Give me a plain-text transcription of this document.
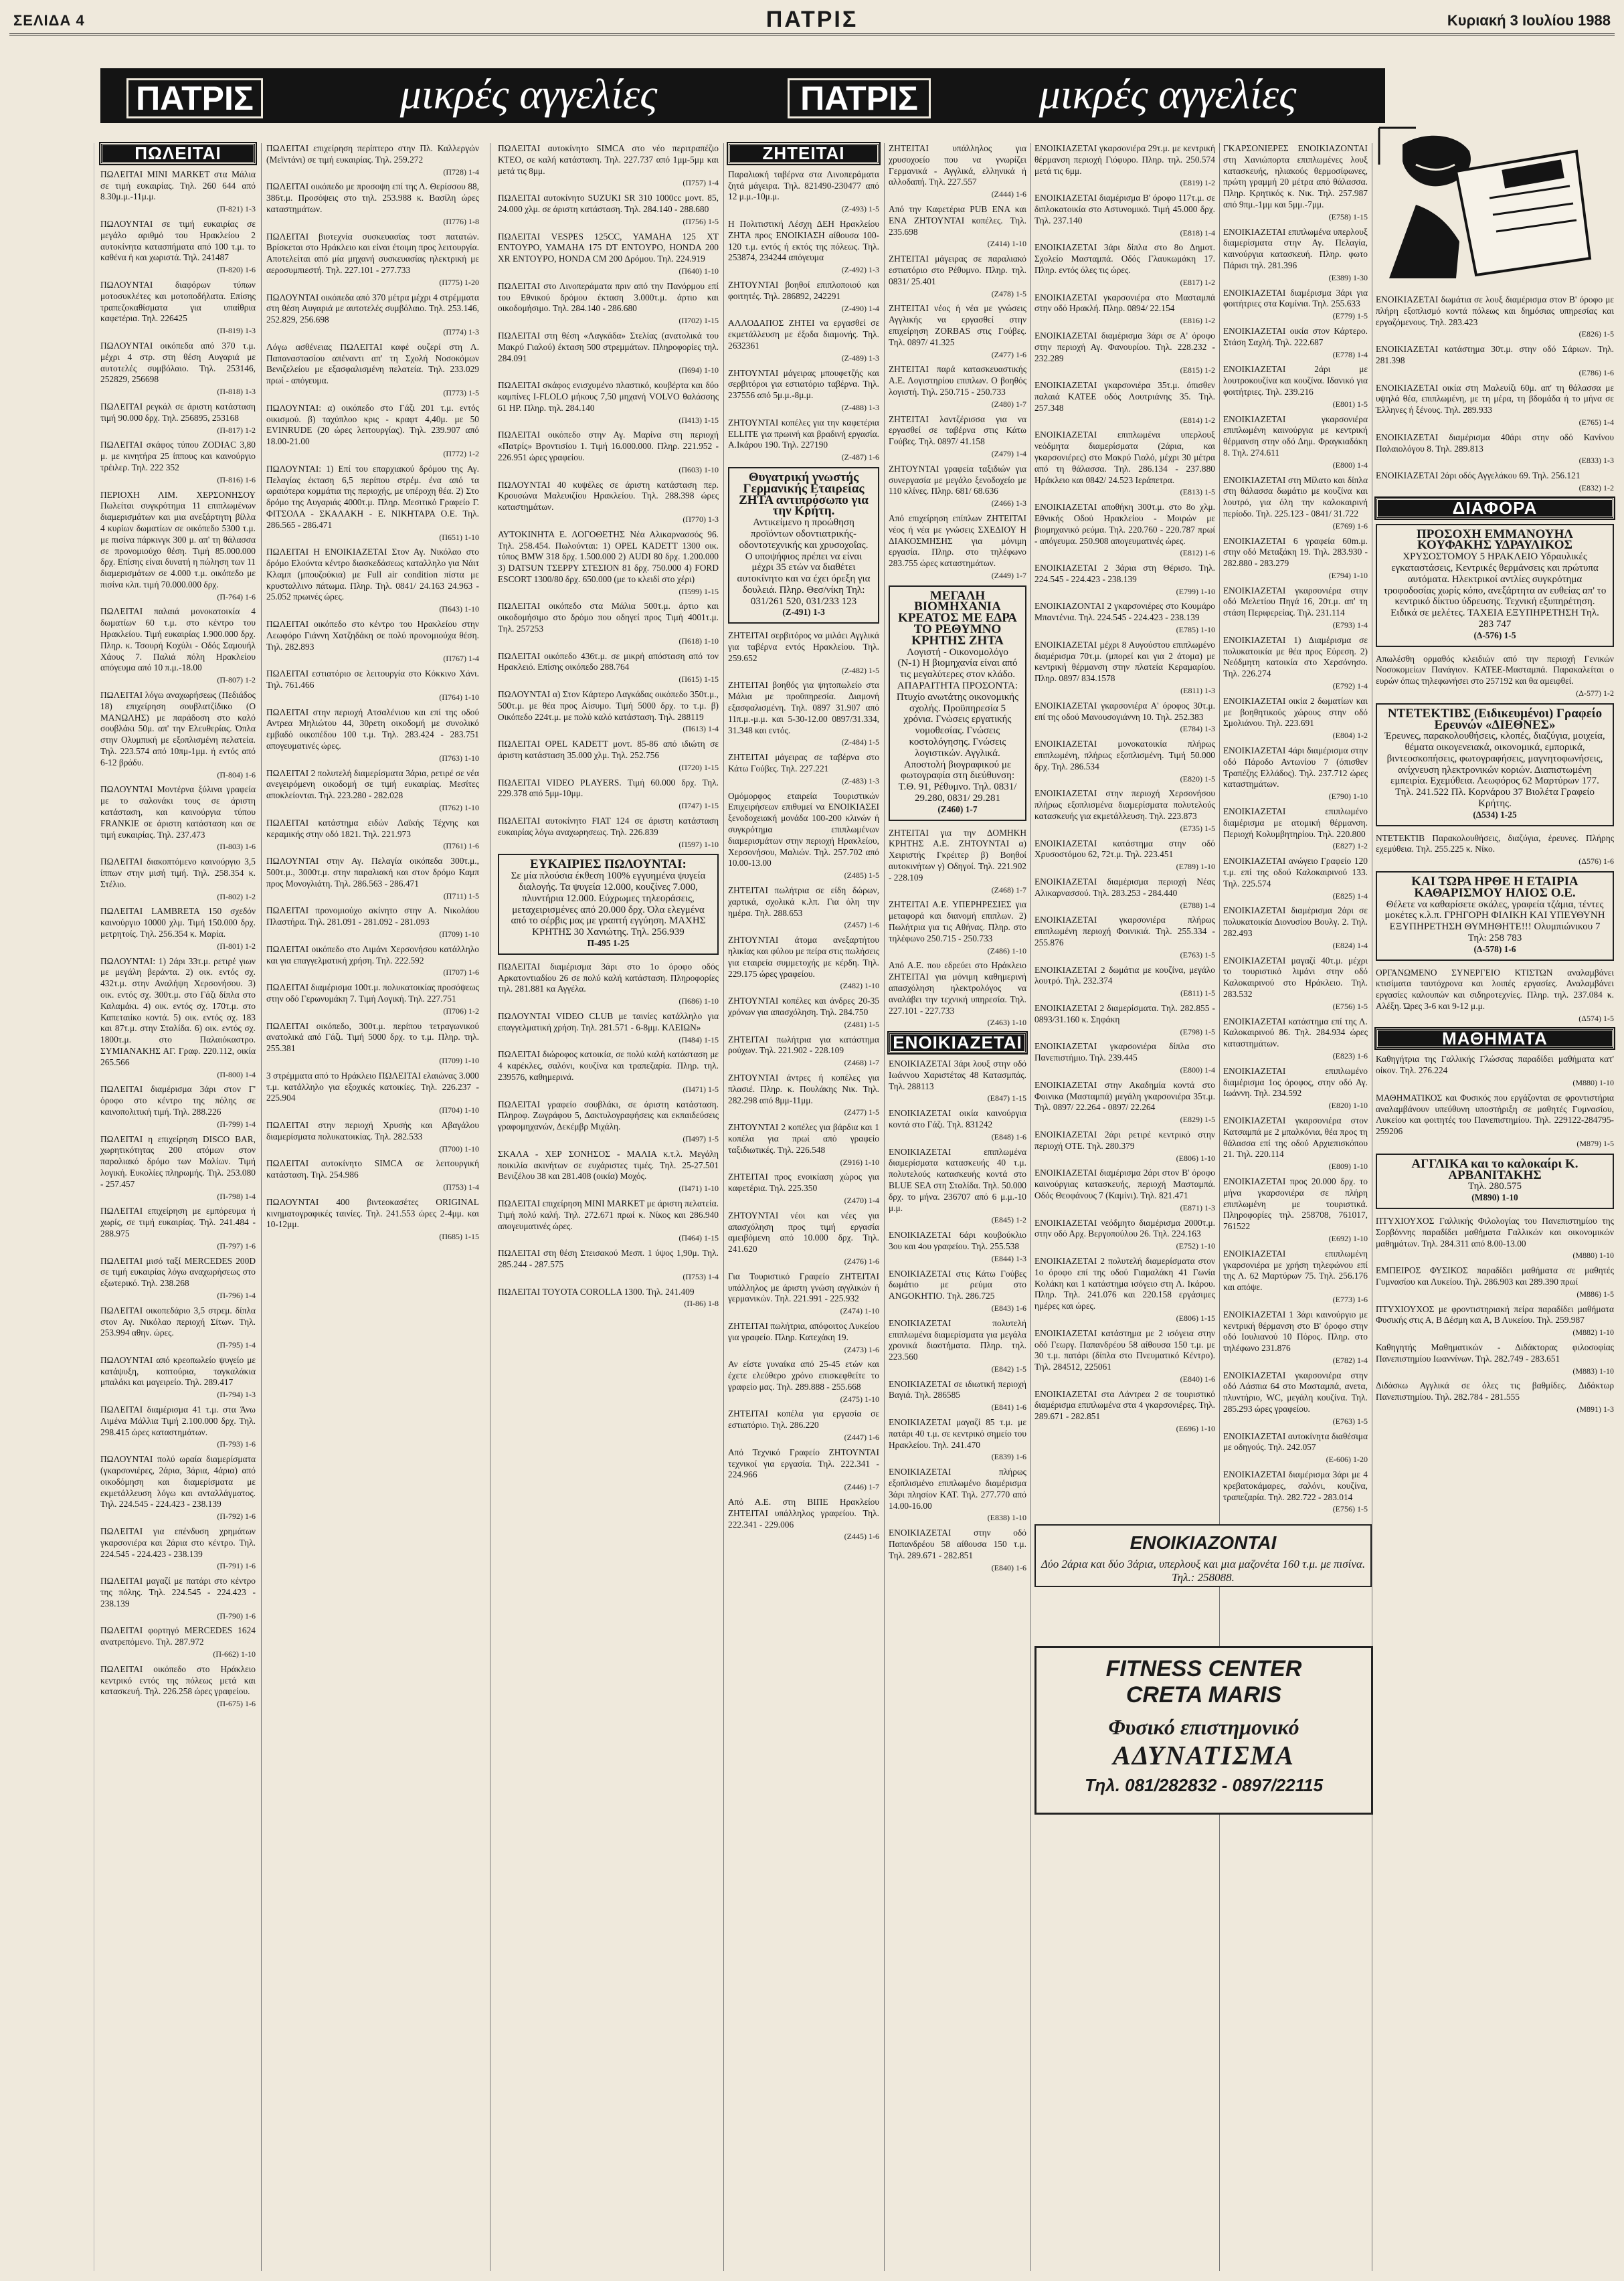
ΣΕΛΙΔΑ 4	ΠΑΤΡΙΣ	Κυριακή 3 Ιουλίου 1988
ΠΑΤΡΙΣ	μικρές αγγελίες	ΠΑΤΡΙΣ	μικρές αγγελίες
ΠΩΛΕΙΤΑΙ
ΠΩΛΕΙΤΑΙ MINI MARKET στα Μάλια σε τιμή ευκαιρίας. Τηλ. 260 644 από 8.30μ.μ.-11μ.μ.
(Π-821) 1-3
ΠΩΛΟΥΝΤΑΙ σε τιμή ευκαιρίας σε μεγάλο αριθμό του Ηρακλείου 2 αυτοκίνητα κατασπήματα από 100 τ.μ. το καθένα ή και χωριστά. Τηλ. 241487
(Π-820) 1-6
ΠΩΛΟΥΝΤΑΙ διαφόρων τύπων μοτοσυκλέτες και μοτοποδήλατα. Επίσης τραπεζοκαθίσματα για υπαίθρια καφετέρια. Τηλ. 226425
(Π-819) 1-3
ΠΩΛΟΥΝΤΑΙ οικόπεδα από 370 τ.μ. μέχρι 4 στρ. στη θέση Αυγαριά με αυτοτελές συμβόλαιο. Τηλ. 253146, 252829, 256698
(Π-818) 1-3
ΠΩΛΕΙΤΑΙ ρεγκάλ σε άριστη κατάσταση τιμή 90.000 δρχ. Τηλ. 256895, 253168
(Π-817) 1-2
ΠΩΛΕΙΤΑΙ σκάφος τύπου ZODIAC 3,80 μ. με κινητήρα 25 ίππους και καινούργιο τρέιλερ. Τηλ. 222 352
(Π-816) 1-6
ΠΕΡΙΟΧΗ ΛΙΜ. ΧΕΡΣΟΝΗΣΟΥ Πωλείται συγκρότημα 11 επιπλωμένων διαμερισμάτων και μια ανεξάρτητη βίλλα 4 κυρίων δωματίων σε οικόπεδο 5300 τ.μ. με πισίνα πάρκινγκ 300 μ. απ' τη θάλασσα σε προνομιούχο θέση. Τιμή 85.000.000 δρχ. Επίσης είναι δυνατή η πώληση των 11 διαμερισμάτων σε 4.000 τ.μ. οικόπεδο με πισίνα κλπ. τιμή 70.000.000 δρχ.
(Π-764) 1-6
ΠΩΛΕΙΤΑΙ παλαιά μονοκατοικία 4 δωματίων 60 τ.μ. στο κέντρο του Ηρακλείου. Τιμή ευκαιρίας 1.900.000 δρχ. Πληρ. κ. Τσουρή Κοχύλι - Οδός Σαμουήλ Χάους 7. Παλιά πόλη Ηρακλείου απόγευμα από 10 π.μ.-18.00
(Π-807) 1-2
ΠΩΛΕΙΤΑΙ λόγω αναχωρήσεως (Πεδιάδος 18) επιχείρηση σουβλατζίδικο (Ο ΜΑΝΩΛΗΣ) με παράδοση στο καλό σουβλάκι 50μ. απ' την Ελευθερίας. Όπλα στην Ολυμπική με εξοπλισμένη πελατεία. Τηλ. 223.574 από 10πμ-1μμ. ή εντός από 6-12 βράδυ.
(Π-804) 1-6
ΠΩΛΟΥΝΤΑΙ Μοντέρνα ξύλινα γραφεία με το σαλονάκι τους σε άριστη κατάσταση, και καινούργια τύπου FRANKIE σε άριστη κατάσταση και σε τιμή ευκαιρίας. Τηλ. 237.473
(Π-803) 1-6
ΠΩΛΕΙΤΑΙ διακοπτόμενο καινούργιο 3,5 ίππων στην μισή τιμή. Τηλ. 258.354 κ. Στέλιο.
(Π-802) 1-2
ΠΩΛΕΙΤΑΙ LAMBRETA 150 σχεδόν καινούργιο 10000 χλμ. Τιμή 150.000 δρχ. μετρητοίς. Τηλ. 256.354 κ. Μαρία.
(Π-801) 1-2
ΠΩΛΟΥΝΤΑΙ: 1) 2άρι 33τ.μ. ρετιρέ γιων με μεγάλη βεράντα. 2) οικ. εντός σχ. 432τ.μ. στην Αναλήψη Χερσονήσου. 3) οικ. εντός σχ. 300τ.μ. στο Γάζι δίπλα στο Καλαμάκι. 4) οικ. εντός σχ. 170τ.μ. στο Καπεταιίκο κοντά. 5) οικ. εντός σχ. 183 και 87τ.μ. στην Σταλίδα. 6) οικ. εντός σχ. 1800τ.μ. στο Παλαιόκαστρο. ΣΥΜΙΑΝΑΚΗΣ ΑΓ. Γραφ. 220.112, οικία 265.566
(Π-800) 1-4
ΠΩΛΕΙΤΑΙ διαμέρισμα 3άρι στον Γ' όροφο στο κέντρο της πόλης σε καινοπολιτική τιμή. Τηλ. 288.226
(Π-799) 1-4
ΠΩΛΕΙΤΑΙ η επιχείρηση DISCO BAR, χωρητικότητας 200 ατόμων στον παραλιακό δρόμο των Μαλίων. Τιμή λογική. Ευκολίες πληρωμής. Τηλ. 253.080 - 257.457
(Π-798) 1-4
ΠΩΛΕΙΤΑΙ επιχείρηση με εμπόρευμα ή χωρίς, σε τιμή ευκαιρίας. Τηλ. 241.484 - 288.975
(Π-797) 1-6
ΠΩΛΕΙΤΑΙ μισό ταξί MERCEDES 200D σε τιμή ευκαιρίας λόγω αναχωρήσεως στο εξωτερικό. Τηλ. 238.268
(Π-796) 1-4
ΠΩΛΕΙΤΑΙ οικοπεδάριο 3,5 στρεμ. δίπλα στον Αγ. Νικόλαο περιοχή Σίτων. Τηλ. 253.994 αθην. ώρες.
(Π-795) 1-4
ΠΩΛΟΥΝΤΑΙ από κρεοπωλείο ψυγείο με κατάψυξη, κοπτούρια, ταγκαλάκια μπαλάκι και μαγειρείο. Τηλ. 289.417
(Π-794) 1-3
ΠΩΛΕΙΤΑΙ διαμέρισμα 41 τ.μ. στα Άνω Λιμένα Μάλλια Τιμή 2.100.000 δρχ. Τηλ. 298.415 ώρες καταστημάτων.
(Π-793) 1-6
ΠΩΛΟΥΝΤΑΙ πολύ ωραία διαμερίσματα (γκαρσονιέρες, 2άρια, 3άρια, 4άρια) από οικοδόμηση και διαμερίσματα με εκμετάλλευση λόγω και ανταλλάγματος. Τηλ. 224.545 - 224.423 - 238.139
(Π-792) 1-6
ΠΩΛΕΙΤΑΙ για επένδυση χρημάτων γκαρσονιέρα και 2άρια στο κέντρο. Τηλ. 224.545 - 224.423 - 238.139
(Π-791) 1-6
ΠΩΛΕΙΤΑΙ μαγαζί με πατάρι στο κέντρο της πόλης. Τηλ. 224.545 - 224.423 - 238.139
(Π-790) 1-6
ΠΩΛΕΙΤΑΙ φορτηγό MERCEDES 1624 ανατρεπόμενο. Τηλ. 287.972
(Π-662) 1-10
ΠΩΛΕΙΤΑΙ οικόπεδο στο Ηράκλειο κεντρικό εντός της πόλεως μετά και κατασκευή. Τηλ. 226.258 ώρες γραφείου.
(Π-675) 1-6
ΠΩΛΕΙΤΑΙ επιχείρηση περίπτερο στην Πλ. Καλλεργών (Μεϊντάνι) σε τιμή ευκαιρίας. Τηλ. 259.272
(Π728) 1-4
ΠΩΛΕΙΤΑΙ οικόπεδο με προσοψη επί της Λ. Θερίσσου 88, 386τ.μ. Προσόψεις στο τηλ. 253.988 κ. Βασίλη ώρες καταστημάτων.
(Π776) 1-8
ΠΩΛΕΙΤΑΙ βιοτεχνία συσκευασίας τοστ πατατών. Βρίσκεται στο Ηράκλειο και είναι έτοιμη προς λειτουργία. Αποτελείται από μία μηχανή συσκευασίας ηλεκτρική με αεροσυμπιεστή. Τηλ. 227.101 - 277.733
(Π775) 1-20
ΠΩΛΟΥΝΤΑΙ οικόπεδα από 370 μέτρα μέχρι 4 στρέμματα στη θέση Αυγαριά με αυτοτελές συμβόλαιο. Τηλ. 253.146, 252.829, 256.698
(Π774) 1-3
Λόγω ασθένειας ΠΩΛΕΙΤΑΙ καφέ ουζερί στη Λ. Παπαναστασίου απέναντι απ' τη Σχολή Νοσοκόμων Βενιζελείου με εξασφαλισμένη πελατεία. Τηλ. 233.029 πρωί - απόγευμα.
(Π773) 1-5
ΠΩΛΟΥΝΤΑΙ: α) οικόπεδο στο Γάζι 201 τ.μ. εντός οικισμού. β) ταχύπλοο κρις - κραφτ 4,40μ. με 50 EVINRUDE (20 ώρες λειτουργίας). Τηλ. 239.907 από 18.00-21.00
(Π772) 1-2
ΠΩΛΟΥΝΤΑΙ: 1) Επί του επαρχιακού δρόμου της Αγ. Πελαγίας έκταση 6,5 περίπου στρέμ. ένα από τα ωραιότερα κομμάτια της περιοχής, με υπέροχη θέα. 2) Στο δρόμο της Αυγαριάς 4000τ.μ. Πληρ. Μεσιτικό Γραφείο Γ. ΦΙΤΣΟΛΑ - ΣΚΑΛΑΚΗ - Ε. ΝΙΚΗΤΑΡΑ Ο.Ε. Τηλ. 286.565 - 286.471
(Π651) 1-10
ΠΩΛΕΙΤΑΙ Η ΕΝΟΙΚΙΑΖΕΤΑΙ Στον Αγ. Νικόλαο στο δρόμο Ελούντα κέντρο διασκεδάσεως καταλληλο για Νάιτ Κλαμπ (μπουζούκια) με Full air condition πίστα με κρυσταλλινο πάτωμα. Πληρ. Τηλ. 0841/ 24.163 24.963 - 25.052 πρωινές ώρες.
(Π643) 1-10
ΠΩΛΕΙΤΑΙ οικόπεδο στο κέντρο του Ηρακλείου στην Λεωφόρο Γιάννη Χατζηδάκη σε πολύ προνομιούχα θέση. Τηλ. 282.893
(Π767) 1-4
ΠΩΛΕΙΤΑΙ εστιατόριο σε λειτουργία στο Κόκκινο Χάνι. Τηλ. 761.466
(Π764) 1-10
ΠΩΛΕΙΤΑΙ στην περιοχή Ατσαλένιου και επί της οδού Αντρεα Μηλιώτου 44, 30ρετη οικοδομή με συνολικό εμβαδό οικοπέδου 100 τ.μ. Τηλ. 283.424 - 283.751 απογευματινές ώρες.
(Π763) 1-10
ΠΩΛΕΙΤΑΙ 2 πολυτελή διαμερίσματα 3άρια, ρετιρέ σε νέα ανεγειρόμενη οικοδομή σε τιμή ευκαιρίας. Μεσίτες αποκλείονται. Τηλ. 223.280 - 282.028
(Π762) 1-10
ΠΩΛΕΙΤΑΙ κατάστημα ειδών Λαϊκής Τέχνης και κεραμικής στην οδό 1821. Τηλ. 221.973
(Π761) 1-6
ΠΩΛΟΥΝΤΑΙ στην Αγ. Πελαγία οικόπεδα 300τ.μ., 500τ.μ., 3000τ.μ. στην παραλιακή και στον δρόμο Καμπ προς Μονογλιάτη. Τηλ. 286.563 - 286.471
(Π711) 1-5
ΠΩΛΕΙΤΑΙ προνομιούχο ακίνητο στην Α. Νικολάου Πλαστήρα. Τηλ. 281.091 - 281.092 - 281.093
(Π709) 1-10
ΠΩΛΕΙΤΑΙ οικόπεδο στο Λιμάνι Χερσονήσου κατάλληλο και για επαγγελματική χρήση. Τηλ. 222.592
(Π707) 1-6
ΠΩΛΕΙΤΑΙ διαμέρισμα 100τ.μ. πολυκατοικίας προσόψεως στην οδό Γερωνυμάκη 7. Τιμή Λογική. Τηλ. 227.751
(Π706) 1-2
ΠΩΛΕΙΤΑΙ οικόπεδο, 300τ.μ. περίπου τετραγωνικού ανατολικά από Γάζι. Τιμή 5000 δρχ. το τ.μ. Πληρ. τηλ. 255.381
(Π709) 1-10
3 στρέμματα από το Ηράκλειο ΠΩΛΕΙΤΑΙ ελαιώνας 3.000 τ.μ. κατάλληλο για εξοχικές κατοικίες. Τηλ. 226.237 - 225.904
(Π704) 1-10
ΠΩΛΕΙΤΑΙ στην περιοχή Χρυσής και Αβαγάλου διαμερίσματα πολυκατοικίας. Τηλ. 282.533
(Π700) 1-10
ΠΩΛΕΙΤΑΙ αυτοκίνητο SIMCA σε λειτουργική κατάσταση. Τηλ. 254.986
(Π753) 1-4
ΠΩΛΟΥΝΤΑΙ 400 βιντεοκασέτες ORIGINAL κινηματογραφικές ταινίες. Τηλ. 241.553 ώρες 2-4μμ. και 10-12μμ.
(Π685) 1-15
ΠΩΛΕΙΤΑΙ αυτοκίνητο SIMCA στο νέο περιτραπέζιο ΚΤΕΟ, σε καλή κατάσταση. Τηλ. 227.737 από 1μμ-5μμ και μετά τις 8μμ.
(Π757) 1-4
ΠΩΛΕΙΤΑΙ αυτοκίνητο SUZUKI SR 310 1000cc μοντ. 85, 24.000 χλμ. σε άριστη κατάσταση. Τηλ. 284.140 - 288.680
(Π756) 1-5
ΠΩΛΕΙΤΑΙ VESPES 125CC, YAMAHA 125 XT ENTOYPO, YAMAHA 175 DT ENTOYPO, HONDA 200 XR ENTOYPO, HONDA CM 200 Δρόμου. Τηλ. 224.919
(Π640) 1-10
ΠΩΛΕΙΤΑΙ στο Λινοπεράματα πριν από την Πανόρμου επί του Εθνικού δρόμου έκταση 3.000τ.μ. άρτιο και οικοδομήσιμο. Τηλ. 284.140 - 286.680
(Π702) 1-15
ΠΩΛΕΙΤΑΙ στη θέση «Λαγκάδα» Στελίας (ανατολικά του Μακρύ Γιαλού) έκταση 500 στρεμμάτων. Πληροφορίες τηλ. 284.091
(Π694) 1-10
ΠΩΛΕΙΤΑΙ σκάφος ενισχυμένο πλαστικό, κουβέρτα και δύο καμπίνες Ι-FLOLO μήκους 7,50 μηχανή VOLVO θαλάσσης 61 HP. Πληρ. τηλ. 284.140
(Π413) 1-15
ΠΩΛΕΙΤΑΙ οικόπεδο στην Αγ. Μαρίνα στη περιοχή «Πατρίς» Βροντισίου 1. Τιμή 16.000.000. Πληρ. 221.952 - 226.951 ώρες γραφείου.
(Π603) 1-10
ΠΩΛΟΥΝΤΑΙ 40 κυψέλες σε άριστη κατάσταση περ. Κρουσώνα Μαλευιζίου Ηρακλείου. Τηλ. 288.398 ώρες καταστημάτων.
(Π770) 1-3
ΑΥΤΟΚΙΝΗΤΑ Ε. ΛΟΓΟΘΕΤΗΣ Νέα Αλικαρνασσός 96. Τηλ. 258.454. Πωλούνται: 1) OPEL KADETT 1300 οικ. τύπος BMW 318 δρχ. 1.500.000 2) AUDI 80 δρχ. 1.200.000 3) DATSUN ΤΣΕΡΡΥ ΣΤΕΣΙΟΝ 81 δρχ. 750.000 4) FORD ESCORT 1300/80 δρχ. 650.000 (με το κλειδί στο χέρι)
(Π599) 1-15
ΠΩΛΕΙΤΑΙ οικόπεδο στα Μάλια 500τ.μ. άρτιο και οικοδομήσιμο στο δρόμο που οδηγεί προς Τιμή 4001τ.μ. Τηλ. 257253
(Π618) 1-10
ΠΩΛΕΙΤΑΙ οικόπεδο 436τ.μ. σε μικρή απόσταση από τον Ηρακλειό. Επίσης οικόπεδο 288.764
(Π615) 1-15
ΠΩΛΟΥΝΤΑΙ α) Στον Κάρτερο Λαγκάδας οικόπεδο 350τ.μ., 500τ.μ. με θέα προς Αίσυμο. Τιμή 5000 δρχ. το τ.μ. β) Οικόπεδο 224τ.μ. με πολύ καλό κατάσταση. Τηλ. 288119
(Π613) 1-4
ΠΩΛΕΙΤΑΙ OPEL KADETT μοντ. 85-86 από ιδιώτη σε άριστη κατάσταση 35.000 χλμ. Τηλ. 252.756
(Π720) 1-15
ΠΩΛΕΙΤΑΙ VIDEO PLAYERS. Τιμή 60.000 δρχ. Τηλ. 229.378 από 5μμ-10μμ.
(Π747) 1-15
ΠΩΛΕΙΤΑΙ αυτοκίνητο FIAT 124 σε άριστη κατάσταση ευκαιρίας λόγω αναχωρησεως. Τηλ. 226.839
(Π597) 1-10
ΕΥΚΑΙΡΙΕΣ ΠΩΛΟΥΝΤΑΙ:
Σε μία πλούσια έκθεση 100% εγγυημένα ψυγεία διαλογής. Τα ψυγεία 12.000, κουζίνες 7.000, πλυντήρια 12.000. Εύχρωμες τηλεοράσεις, μεταχειρισμένες από 20.000 δρχ. Όλα ελεγμένα από το σέρβις μας με γραπτή εγγύηση. ΜΑΧΗΣ ΚΡΗΤΗΣ 30 Χανιώτης. Τηλ. 256.939
Π-495 1-25
ΠΩΛΕΙΤΑΙ διαμέρισμα 3άρι στο 1ο όροφο οδός Αρκατοντιαδίου 26 σε πολύ καλή κατάσταση. Πληροφορίες τηλ. 281.881 κα Αγγέλα.
(Π686) 1-10
ΠΩΛΟΥΝΤΑΙ VIDEO CLUB με ταινίες κατάλληλο για επαγγελματική χρήση. Τηλ. 281.571 - 6-8μμ. ΚΛΕΙΩΝ»
(Π484) 1-15
ΠΩΛΕΙΤΑΙ διώροφος κατοικία, σε πολύ καλή κατάσταση με 4 καρέκλες, σαλόνι, κουζίνα και τραπεζαρία. Πληρ. τηλ. 239576, καθημερινά.
(Π471) 1-5
ΠΩΛΕΙΤΑΙ γραφείο σουβλάκι, σε άριστη κατάσταση. Πληροφ. Ζωγράφου 5, Δακτυλογραφήσεις και εκπαιδεύσεις γραφομηχανών, Δεκέμβρ Μιχάλη.
(Π497) 1-5
ΣΚΑΛΑ - ΧΕΡ ΣΟΝΗΣΟΣ - ΜΑΛΙΑ κ.τ.λ. Μεγάλη ποικιλία ακινήτων σε ευχάριστες τιμές. Τηλ. 25-27.501 Βενιζέλου 38 και 281.408 (οικία) Μοχός.
(Π471) 1-10
ΠΩΛΕΙΤΑΙ επιχείρηση MINI MARKET με άριστη πελατεία. Τιμή πολύ καλή. Τηλ. 272.671 πρωί κ. Νίκος και 286.940 απογευματινές ώρες.
(Π464) 1-15
ΠΩΛΕΙΤΑΙ στη θέση Στεισακού Μεσπ. 1 ύψος 1,90μ. Τηλ. 285.244 - 287.575
(Π753) 1-4
ΠΩΛΕΙΤΑΙ TOYOTA COROLLA 1300. Τηλ. 241.409
(Π-86) 1-8
ΖΗΤΕΙΤΑΙ
Παραλιακή ταβέρνα στα Λινοπεράματα ζητά μάγειρα. Τηλ. 821490-230477 από 12 μ.μ.-10μ.μ.
(Ζ-493) 1-5
Η Πολιτιστική Λέσχη ΔΕΗ Ηρακλείου ΖΗΤΑ προς ΕΝΟΙΚΙΑΣΗ αίθουσα 100-120 τ.μ. εντός ή εκτός της πόλεως. Τηλ. 253874, 234244 απόγευμα
(Ζ-492) 1-3
ΖΗΤΟΥΝΤΑΙ βοηθοί επιπλοποιού και φοιτητές. Τηλ. 286892, 242291
(Ζ-490) 1-4
ΑΛΛΟΔΑΠΟΣ ΖΗΤΕΙ να εργασθεί σε εκμετάλλευση με έξοδα διαμονής. Τηλ. 2632361
(Ζ-489) 1-3
ΖΗΤΟΥΝΤΑΙ μάγειρας μπουφετζής και σερβιτόροι για εστιατόριο ταβέρνα. Τηλ. 237556 από 5μ.μ.-8μ.μ.
(Ζ-488) 1-3
ΖΗΤΟΥΝΤΑΙ κοπέλες για την καφετέρια ELLITE για πρωινή και βραδινή εργασία. Α.Ικάρου 190. Τηλ. 227190
(Ζ-487) 1-6
Θυγατρική γνωστής Γερμανικής Εταιρείας ΖΗΤΑ αντιπρόσωπο για την Κρήτη.
Αντικείμενο η προώθηση προϊόντων οδοντιατρικής-οδοντοτεχνικής και χρυσοχοΐας. Ο υποψήφιος πρέπει να είναι μέχρι 35 ετών να διαθέτει αυτοκίνητο και να έχει όρεξη για δουλειά. Πληρ. Θεσ/νίκη Τηλ: 031/261 520, 031/233 123
(Ζ-491) 1-3
ΖΗΤΕΙΤΑΙ σερβιτόρος να μιλάει Αγγλικά για ταβέρνα εντός Ηρακλείου. Τηλ. 259.652
(Ζ-482) 1-5
ΖΗΤΕΙΤΑΙ βοηθός για ψητοπωλείο στα Μάλια με προϋπηρεσία. Διαμονή εξασφαλισμένη. Τηλ. 0897 31.907 από 11π.μ.-μ.μ. και 5-30-12.00 0897/31.334, 31.348 και εντός.
(Ζ-484) 1-5
ΖΗΤΕΙΤΑΙ μάγειρας σε ταβέρνα στο Κάτω Γούβες. Τηλ. 227.221
(Ζ-483) 1-3
Ομόμορφος εταιρεία Τουριστικών Επιχειρήσεων επιθυμεί να ΕΝΟΙΚΙΑΣΕΙ ξενοδοχειακή μονάδα 100-200 κλινών ή συγκρότημα επιπλωμένων διαμερισμάτων στην περιοχή Ηρακλείου, Χερσονήσου, Μαλιών. Τηλ. 257.702 από 10.00-13.00
(Ζ485) 1-5
ΖΗΤΕΙΤΑΙ πωλήτρια σε είδη δώρων, χαρτικά, σχολικά κ.λπ. Για όλη την ημέρα. Τηλ. 288.653
(Ζ457) 1-6
ΖΗΤΟΥΝΤΑΙ άτομα ανεξαρτήτου ηλικίας και φύλου με πείρα στις πωλήσεις για εταιρεία συμμετοχής με κέρδη. Τηλ. 229.175 ώρες γραφείου.
(Ζ482) 1-10
ΖΗΤΟΥΝΤΑΙ κοπέλες και άνδρες 20-35 χρόνων για απασχόληση. Τηλ. 284.750
(Ζ481) 1-5
ΖΗΤΕΙΤΑΙ πωλήτρια για κατάστημα ρούχων. Τηλ. 221.902 - 228.109
(Ζ468) 1-7
ΖΗΤΟΥΝΤΑΙ άντρες ή κοπέλες για πλασιέ. Πληρ. κ. Πουλάκης Νικ. Τηλ. 282.298 από 8μμ-11μμ.
(Ζ477) 1-5
ΖΗΤΟΥΝΤΑΙ 2 κοπέλες για βάρδια και 1 κοπέλα για πρωί από γραφείο ταξιδιωτικές. Τηλ. 226.548
(Ζ916) 1-10
ΖΗΤΕΙΤΑΙ προς ενοικίαση χώρος για καφετέρια. Τηλ. 225.350
(Ζ470) 1-4
ΖΗΤΟΥΝΤΑΙ νέοι και νέες για απασχόληση προς τιμή εργασία αμειβόμενη από 10.000 δρχ. Τηλ. 241.620
(Ζ476) 1-6
Για Τουριστικό Γραφείο ΖΗΤΕΙΤΑΙ υπάλληλος με άριστη γνώση αγγλικών ή γερμανικών. Τηλ. 221.991 - 225.932
(Ζ474) 1-10
ΖΗΤΕΙΤΑΙ πωλήτρια, απόφοιτος Λυκείου για γραφείο. Πληρ. Κατεχάκη 19.
(Ζ473) 1-6
Αν είστε γυναίκα από 25-45 ετών και έχετε ελεύθερο χρόνο επισκεφθείτε το γραφείο μας. Τηλ. 289.888 - 255.668
(Ζ475) 1-10
ΖΗΤΕΙΤΑΙ κοπέλα για εργασία σε εστιατόριο. Τηλ. 286.220
(Ζ447) 1-6
Από Τεχνικό Γραφείο ΖΗΤΟΥΝΤΑΙ τεχνικοί για εργασία. Τηλ. 222.341 - 224.966
(Ζ446) 1-7
Από Α.Ε. στη ΒΙΠΕ Ηρακλείου ΖΗΤΕΙΤΑΙ υπάλληλος γραφείου. Τηλ. 222.341 - 229.006
(Ζ445) 1-6
ΖΗΤΕΙΤΑΙ υπάλληλος για χρυσοχοείο που να γνωρίζει Γερμανικά - Αγγλικά, ελληνικά ή αλλοδαπή. Τηλ. 227.557
(Ζ444) 1-6
Από την Καφετέρια PUB ENA και ENA ΖΗΤΟΥΝΤΑΙ κοπέλες. Τηλ. 235.698
(Ζ414) 1-10
ΖΗΤΕΙΤΑΙ μάγειρας σε παραλιακό εστιατόριο στο Ρέθυμνο. Πληρ. τηλ. 0831/ 25.401
(Ζ478) 1-5
ΖΗΤΕΙΤΑΙ νέος ή νέα με γνώσεις Αγγλικής να εργασθεί στην επιχείρηση ZORBAS στις Γούβες. Τηλ. 0897/ 41.325
(Ζ477) 1-6
ΖΗΤΕΙΤΑΙ παρά κατασκευαστικής Α.Ε. Λογιστηρίου επιπλων. Ο βοηθός λογιστή. Τηλ. 250.715 - 250.733
(Ζ480) 1-7
ΖΗΤΕΙΤΑΙ λαντζέρισσα για να εργασθεί σε ταβέρνα στις Κάτω Γούβες. Τηλ. 0897/ 41.158
(Ζ479) 1-4
ΖΗΤΟΥΝΤΑΙ γραφεία ταξιδιών για συνεργασία με μεγάλο ξενοδοχείο με 110 κλίνες. Πληρ. 681/ 68.636
(Ζ466) 1-3
Από επιχείρηση επίπλων ΖΗΤΕΙΤΑΙ νέος ή νέα με γνώσεις ΣΧΕΔΙΟΥ Η ΔΙΑΚΟΣΜΗΣΗΣ για μόνιμη εργασία. Πληρ. στο τηλέφωνο 283.755 ώρες καταστημάτων.
(Ζ449) 1-7
ΜΕΓΑΛΗ ΒΙΟΜΗΧΑΝΙΑ ΚΡΕΑΤΟΣ ΜΕ ΕΔΡΑ ΤΟ ΡΕΘΥΜΝΟ ΚΡΗΤΗΣ ΖΗΤΑ
Λογιστή - Οικονομολόγο (Ν-1) Η βιομηχανία είναι από τις μεγαλύτερες στον κλάδο. ΑΠΑΡΑΙΤΗΤΑ ΠΡΟΣΟΝΤΑ: Πτυχίο ανωτάτης οικονομικής σχολής. Προϋπηρεσία 5 χρόνια. Γνώσεις εργατικής νομοθεσίας. Γνώσεις κοστολόγησης. Γνώσεις λογιστικών. Αγγλικά. Αποστολή βιογραφικού με φωτογραφία στη διεύθυνση: Τ.Θ. 91, Ρέθυμνο. Τηλ. 0831/ 29.280, 0831/ 29.281
(Ζ460) 1-7
ΖΗΤΕΙΤΑΙ για την ΔΟΜΗΚΗ ΚΡΗΤΗΣ Α.Ε. ΖΗΤΟΥΝΤΑΙ α) Χειριστής Γκρέιτερ β) Βοηθοί αυτοκινήτων γ) Οδηγοί. Τηλ. 221.902 - 228.109
(Ζ468) 1-7
ΖΗΤΕΙΤΑΙ Α.Ε. ΥΠΕΡΗΡΕΣΙΕΣ για μεταφορά και διανομή επιπλων. 2) Πωλήτρια για τις Αθήνας. Πληρ. στο τηλέφωνο 250.715 - 250.733
(Ζ486) 1-10
Από Α.Ε. που εδρεύει στο Ηράκλειο ΖΗΤΕΙΤΑΙ για μόνιμη καθημερινή απασχόληση ηλεκτρολόγος να αναλάβει την τεχνική υπηρεσία. Τηλ. 227.101 - 227.733
(Ζ463) 1-10
ΕΝΟΙΚΙΑΖΕΤΑΙ
ΕΝΟΙΚΙΑΖΕΤΑΙ 3άρι λουξ στην οδό Ιωάννου Χαριστέτας 48 Κατασμπάς. Τηλ. 288113
(Ε847) 1-15
ΕΝΟΙΚΙΑΖΕΤΑΙ οικία καινούργια κοντά στο Γάζι. Τηλ. 831242
(Ε848) 1-6
ΕΝΟΙΚΙΑΖΕΤΑΙ επιπλωμένα διαμερίσματα κατασκευής 40 τ.μ. πολυτελούς κατασκευής κοντά στο BLUE SEA στη Σταλίδα. Τηλ. 50.000 δρχ. το μήνα. 236707 από 6 μ.μ.-10 μ.μ.
(Ε845) 1-2
ΕΝΟΙΚΙΑΖΕΤΑΙ 6άρι κουβούκλιο 3ου και 4ου γραφείου. Τηλ. 255.538
(Ε844) 1-3
ΕΝΟΙΚΙΑΖΕΤΑΙ στις Κάτω Γούβες δωμάτιο με ρεύμα στο ANGOKHTIO. Τηλ. 286.725
(Ε843) 1-6
ΕΝΟΙΚΙΑΖΕΤΑΙ πολυτελή επιπλωμένα διαμερίσματα για μεγάλα χρονικά διαστήματα. Πληρ. τηλ. 223.560
(Ε842) 1-5
ΕΝΟΙΚΙΑΖΕΤΑΙ σε ιδιωτική περιοχή Βαγιά. Τηλ. 286585
(Ε841) 1-6
ΕΝΟΙΚΙΑΖΕΤΑΙ μαγαζί 85 τ.μ. με πατάρι 40 τ.μ. σε κεντρικό σημείο του Ηρακλείου. Τηλ. 241.470
(Ε839) 1-6
ΕΝΟΙΚΙΑΖΕΤΑΙ πλήρως εξοπλισμένο επιπλωμένο διαμέρισμα 3άρι πλησίον ΚΑΤ. Τηλ. 277.770 από 14.00-16.00
(Ε838) 1-10
ΕΝΟΙΚΙΑΖΕΤΑΙ στην οδό Παπανδρέου 58 αίθουσα 150 τ.μ. Τηλ. 289.671 - 282.851
(Ε840) 1-6
ΕΝΟΙΚΙΑΖΕΤΑΙ γκαρσονιέρα 29τ.μ. με κεντρική θέρμανση περιοχή Γιόφυρο. Πληρ. τηλ. 250.574 μετά τις 6μμ.
(Ε819) 1-2
ΕΝΟΙΚΙΑΖΕΤΑΙ διαμέρισμα Β' όροφο 117τ.μ. σε διπλοκατοικία στο Αστυνομικό. Τιμή 45.000 δρχ. Τηλ. 237.140
(Ε818) 1-4
ΕΝΟΙΚΙΑΖΕΤΑΙ 3άρι δίπλα στο 8ο Δημοτ. Σχολείο Μασταμπά. Οδός Γλαυκωμάκη 17. Πληρ. εντός όλες τις ώρες.
(Ε817) 1-2
ΕΝΟΙΚΙΑΖΕΤΑΙ γκαρσονιέρα στο Μασταμπά στην οδό Ηρακλή. Πληρ. 0894/ 22.154
(Ε816) 1-2
ΕΝΟΙΚΙΑΖΕΤΑΙ διαμέρισμα 3άρι σε Α' όροφο στην περιοχή Αγ. Φανουρίου. Τηλ. 228.232 - 232.289
(Ε815) 1-2
ΕΝΟΙΚΙΑΖΕΤΑΙ γκαρσονιέρα 35τ.μ. όπισθεν παλαιά ΚΑΤΕΕ οδός Λουτριάνης 35. Τηλ. 257.348
(Ε814) 1-2
ΕΝΟΙΚΙΑΖΕΤΑΙ επιπλωμένα υπερλουξ νεόδμητα διαμερίσματα (2άρια, και γκαρσονιέρες) στο Μακρύ Γιαλό, μέχρι 30 μέτρα από τη θάλασσα. Τηλ. 286.134 - 237.880 Ηράκλειο και 0842/ 24.523 Ιεράπετρα.
(Ε813) 1-5
ΕΝΟΙΚΙΑΖΕΤΑΙ αποθήκη 300τ.μ. στο 8ο χλμ. Εθνικής Οδού Ηρακλείου - Μοιρών με βιομηχανικό ρεύμα. Τηλ. 220.760 - 220.787 πρωί - απόγευμα. 250.908 απογευματινές ώρες.
(Ε812) 1-6
ΕΝΟΙΚΙΑΖΕΤΑΙ 2 3άρια στη Θέρισο. Τηλ. 224.545 - 224.423 - 238.139
(Ε799) 1-10
ΕΝΟΙΚΙΑΖΟΝΤΑΙ 2 γκαρσονιέρες στο Κουμάρο Μπαντένια. Τηλ. 224.545 - 224.423 - 238.139
(Ε785) 1-10
ΕΝΟΙΚΙΑΖΕΤΑΙ μέχρι 8 Αυγούστου επιπλωμένο διαμέρισμα 70τ.μ. (μπορεί και για 2 άτομα) με κεντρική θέρμανση στην πλατεία Κεραμαρίου. Πληρ. 0897/ 834.1578
(Ε811) 1-3
ΕΝΟΙΚΙΑΖΕΤΑΙ γκαρσονιέρα Α' όροφος 30τ.μ. επί της οδού Μανουσογιάννη 10. Τηλ. 252.383
(Ε784) 1-3
ΕΝΟΙΚΙΑΖΕΤΑΙ μονοκατοικία πλήρως επιπλωμένη, πλήρως εξοπλισμένη. Τιμή 50.000 δρχ. Τηλ. 286.534
(Ε820) 1-5
ΕΝΟΙΚΙΑΖΕΤΑΙ στην περιοχή Χερσονήσου πλήρως εξοπλισμένα διαμερίσματα πολυτελούς κατασκευής για εκμετάλλευση. Τηλ. 223.873
(Ε735) 1-5
ΕΝΟΙΚΙΑΖΕΤΑΙ κατάστημα στην οδό Χρυσοστόμου 62, 72τ.μ. Τηλ. 223.451
(Ε789) 1-10
ΕΝΟΙΚΙΑΖΕΤΑΙ διαμέρισμα περιοχή Νέας Αλικαρνασσού. Τηλ. 283.253 - 284.440
(Ε788) 1-4
ΕΝΟΙΚΙΑΖΕΤΑΙ γκαρσονιέρα πλήρως επιπλωμένη περιοχή Φοινικιά. Τηλ. 255.334 - 255.876
(Ε763) 1-5
ΕΝΟΙΚΙΑΖΕΤΑΙ 2 δωμάτια με κουζίνα, μεγάλο λουτρό. Τηλ. 232.374
(Ε811) 1-5
ΕΝΟΙΚΙΑΖΕΤΑΙ 2 διαμερίσματα. Τηλ. 282.855 - 0893/31.160 κ. Σηφάκη
(Ε798) 1-5
ΕΝΟΙΚΙΑΖΕΤΑΙ γκαρσονιέρα δίπλα στο Πανεπιστήμιο. Τηλ. 239.445
(Ε800) 1-4
ΕΝΟΙΚΙΑΖΕΤΑΙ στην Ακαδημία κοντά στο Φοινικα (Μασταμπά) μεγάλη γκαρσονιέρα 35τ.μ. Τηλ. 0897/ 22.264 - 0897/ 22.264
(Ε829) 1-5
ΕΝΟΙΚΙΑΖΕΤΑΙ 2άρι ρετιρέ κεντρικό στην περιοχή ΟΤΕ. Τηλ. 280.379
(Ε806) 1-10
ΕΝΟΙΚΙΑΖΕΤΑΙ διαμέρισμα 2άρι στον Β' όροφο καινούργιας κατασκευής, περιοχή Μασταμπά. Οδός Θεοφάνους 7 (Καμίνι). Τηλ. 821.471
(Ε871) 1-3
ΕΝΟΙΚΙΑΖΕΤΑΙ νεόδμητο διαμέρισμα 2000τ.μ. στην οδό Αρχ. Βεργοπούλου 26. Τηλ. 224.163
(Ε752) 1-10
ΕΝΟΙΚΙΑΖΕΤΑΙ 2 πολυτελή διαμερίσματα στον 1ο όροφο επί της οδού Γιαμαλάκη 41 Γωνία Κολάκη και 1 κατάστημα ισόγειο στη Λ. Ικάρου. Πληρ. Τηλ. 241.076 και 220.158 εργάσιμες ημέρες και ώρες.
(Ε806) 1-15
ΕΝΟΙΚΙΑΖΕΤΑΙ κατάστημα με 2 ισόγεια στην οδό Γεωργ. Παπανδρέου 58 αίθουσα 150 τ.μ. με 30 τ.μ. πατάρι (δίπλα στο Πνευματικό Κέντρο). Τηλ. 284512, 225061
(Ε840) 1-6
ΕΝΟΙΚΙΑΖΕΤΑΙ στα Λάντρεα 2 σε τουριστικό διαμέρισμα επιπλωμένα στα 4 γκαρσονιέρες. Τηλ. 289.671 - 282.851
(Ε696) 1-10
ΓΚΑΡΣΟΝΙΕΡΕΣ ΕΝΟΙΚΙΑΖΟΝΤΑΙ στη Χανιώπορτα επιπλωμένες λουξ κατασκευής, ηλιακούς θερμοσίφωνες, πρώτη γραμμή 20 μέτρα από θάλασσα. Πληρ. Κρητικός κ. Νικ. Τηλ. 257.987 από 9πμ.-1μμ και 5μμ.-7μμ.
(Ε758) 1-15
ΕΝΟΙΚΙΑΖΕΤΑΙ επιπλωμένα υπερλουξ διαμερίσματα στην Αγ. Πελαγία, καινούργια κατασκευή. Πληρ. φωτο Πάρισι τηλ. 281.396
(Ε389) 1-30
ΕΝΟΙΚΙΑΖΕΤΑΙ διαμέρισμα 3άρι για φοιτήτριες στα Καμίνια. Τηλ. 255.633
(Ε779) 1-5
ΕΝΟΙΚΙΑΖΕΤΑΙ οικία στον Κάρτερο. Στάση Σαχλή. Τηλ. 222.687
(Ε778) 1-4
ΕΝΟΙΚΙΑΖΕΤΑΙ 2άρι με λουτροκουζίνα και κουζίνα. Ιδανικό για φοιτήτριες. Τηλ. 239.216
(Ε801) 1-5
ΕΝΟΙΚΙΑΖΕΤΑΙ γκαρσονιέρα επιπλωμένη καινούργια με κεντρική θέρμανση στην οδό Δημ. Φραγκιαδάκη 8. Τηλ. 274.611
(Ε800) 1-4
ΕΝΟΙΚΙΑΖΕΤΑΙ στη Μίλατο και δίπλα στη θάλασσα δωμάτιο με κουζίνα και λουτρό, για όλη την καλοκαιρινή περίοδο. Τηλ. 225.123 - 0841/ 31.722
(Ε769) 1-6
ΕΝΟΙΚΙΑΖΕΤΑΙ 6 γραφεία 60m.μ. στην οδό Μεταξάκη 19. Τηλ. 283.930 - 282.880 - 283.279
(Ε794) 1-10
ΕΝΟΙΚΙΑΖΕΤΑΙ γκαρσονιέρα στην οδό Μελετίου Πηγά 16, 20τ.μ. απ' τη στάση Περιφερείας. Τηλ. 231.114
(Ε793) 1-4
ΕΝΟΙΚΙΑΖΕΤΑΙ 1) Διαμέρισμα σε πολυκατοικία με θέα προς Εύρεση. 2) Νεόδμητη κατοικία στο Χερσόνησο. Τηλ. 226.274
(Ε792) 1-4
ΕΝΟΙΚΙΑΖΕΤΑΙ οικία 2 δωματίων και με βοηθητικούς χώρους στην οδό Σμολιάνου. Τηλ. 223.691
(Ε804) 1-2
ΕΝΟΙΚΙΑΖΕΤΑΙ 4άρι διαμέρισμα στην οδό Πάροδο Αντωνίου 7 (όπισθεν Τραπέζης Ελλάδος). Τηλ. 237.712 ώρες καταστημάτων.
(Ε790) 1-10
ΕΝΟΙΚΙΑΖΕΤΑΙ επιπλωμένο διαμέρισμα με ατομική θέρμανση. Περιοχή Κολυμβητηρίου. Τηλ. 220.800
(Ε827) 1-2
ΕΝΟΙΚΙΑΖΕΤΑΙ ανώγειο Γραφείο 120 τ.μ. επί της οδού Καλοκαιρινού 133. Τηλ. 225.574
(Ε825) 1-4
ΕΝΟΙΚΙΑΖΕΤΑΙ διαμέρισμα 2άρι σε πολυκατοικία Διονυσίου Βουλγ. 2. Τηλ. 282.493
(Ε824) 1-4
ΕΝΟΙΚΙΑΖΕΤΑΙ μαγαζί 40τ.μ. μέχρι το τουριστικό λιμάνι στην οδό Καλοκαιρινού στο Ηράκλειο. Τηλ. 283.532
(Ε756) 1-5
ΕΝΟΙΚΙΑΖΕΤΑΙ κατάστημα επί της Λ. Καλοκαιρινού 86. Τηλ. 284.934 ώρες καταστημάτων.
(Ε823) 1-6
ΕΝΟΙΚΙΑΖΕΤΑΙ επιπλωμένο διαμέρισμα 1ος όροφος, στην οδό Αγ. Ιωάννη. Τηλ. 234.592
(Ε820) 1-10
ΕΝΟΙΚΙΑΖΕΤΑΙ γκαρσονιέρα στον Κατσαμπά με 2 μπαλκόνια, θέα προς τη θάλασσα επί της οδού Αρχιεπισκόπου 21. Τηλ. 220.114
(Ε809) 1-10
ΕΝΟΙΚΙΑΖΕΤΑΙ προς 20.000 δρχ. το μήνα γκαρσονιέρα σε πλήρη επιπλωμένη με τουριστικά. Πληροφορίες τηλ. 258708, 761017, 761522
(Ε692) 1-10
ΕΝΟΙΚΙΑΖΕΤΑΙ επιπλωμένη γκαρσονιέρα με χρήση τηλεφώνου επί της Λ. 62 Μαρτύρων 75. Τηλ. 256.176 και απόψε.
(Ε773) 1-6
ΕΝΟΙΚΙΑΖΕΤΑΙ 1 3άρι καινούργιο με κεντρική θέρμανση στο Β' όροφο στην οδό Ιουλιανού 10 Πόρος. Πληρ. στο τηλέφωνο 231.876
(Ε782) 1-4
ΕΝΟΙΚΙΑΖΕΤΑΙ γκαρσονιέρα στην οδό Λάσπια 64 στο Μασταμπά, ανετα, πλυντήριο, WC, μεγάλη κουζίνα. Τηλ. 285.293 ώρες γραφείου.
(Ε763) 1-5
ΕΝΟΙΚΙΑΖΕΤΑΙ αυτοκίνητα διαθέσιμα με οδηγούς. Τηλ. 242.057
(Ε-606) 1-20
ΕΝΟΙΚΙΑΖΕΤΑΙ διαμέρισμα 3άρι με 4 κρεβατοκάμαρες, σαλόνι, κουζίνα, τραπεζαρία. Τηλ. 282.722 - 283.014
(Ε756) 1-5
ΕΝΟΙΚΙΑΖΕΤΑΙ δωμάτια σε λουξ διαμέρισμα στον Β' όροφο με πλήρη εξοπλισμό κοντά πόλεως και δημόσιας υπηρεσίας και εργαζόμενους. Τηλ. 283.423
(Ε826) 1-5
ΕΝΟΙΚΙΑΖΕΤΑΙ κατάστημα 30τ.μ. στην οδό Σάριων. Τηλ. 281.398
(Ε786) 1-6
ΕΝΟΙΚΙΑΖΕΤΑΙ οικία στη Μαλευίζι 60μ. απ' τη θάλασσα με υψηλά θέα, επιπλωμένη, με τη μέρα, τη βδομάδα ή το μήνα σε Έλληνες ή ξένους. Τηλ. 289.933
(Ε765) 1-4
ΕΝΟΙΚΙΑΖΕΤΑΙ διαμέρισμα 40άρι στην οδό Κανίνου Παλαιολόγου 8. Τηλ. 289.813
(Ε833) 1-3
ΕΝΟΙΚΙΑΖΕΤΑΙ 2άρι οδός Αγγελάκου 69. Τηλ. 256.121
(Ε832) 1-2
ΔΙΑΦΟΡΑ
ΠΡΟΣΟΧΗ ΕΜΜΑΝΟΥΗΛ ΚΟΥΦΑΚΗΣ ΥΔΡΑΥΛΙΚΟΣ
ΧΡΥΣΟΣΤΟΜΟΥ 5 ΗΡΑΚΛΕΙΟ Υδραυλικές εγκαταστάσεις, Κεντρικές θερμάνσεις και πρώτυπα αυτόματα. Ηλεκτρικοί αντλίες συγκρότημα τροφοδοσίας χωρίς κόπο, ανεξάρτητα αν ευθείας απ' το κεντρικό δίκτυο ύδρευσης. Τεχνική εξυπηρέτηση. Ειδικά σε μελέτες. ΤΑΧΕΙΑ ΕΞΥΠΗΡΕΤΗΣΗ Τηλ. 283 747
(Δ-576) 1-5
Απωλέσθη ορμαθός κλειδιών από την περιοχή Γενικών Νοσοκομείων Πανάγιον. ΚΑΤΕΕ-Μασταμπά. Παρακαλείται ο ευρών όπως τηλεφωνήσει στο 257192 και θα αμειφθεί.
(Δ-577) 1-2
ΝΤΕΤΕΚΤΙΒΣ (Ειδικευμένοι) Γραφείο Ερευνών «ΔΙΕΘΝΕΣ»
Έρευνες, παρακολουθήσεις, κλοπές, διαζύγια, μοιχεία, θέματα οικογενειακά, οικονομικά, εμπορικά, βιντεοσκοπήσεις, φωτογραφήσεις, μαγνητοφωνήσεις, ανίχνευση ηλεκτρονικών κοριών. Διαπιστωμένη εμπειρία. Εχεμύθεια. Λεωφόρος 62 Μαρτύρων 177. Τηλ. 241.522 Πλ. Κορνάρου 37 Βιολέτα Γραφείο Κρήτης.
(Δ534) 1-25
ΝΤΕΤΕΚΤΙΒ Παρακολουθήσεις, διαζύγια, έρευνες. Πλήρης εχεμύθεια. Τηλ. 255.225 κ. Νίκο.
(Δ576) 1-6
ΚΑΙ ΤΩΡΑ ΗΡΘΕ Η ΕΤΑΙΡΙΑ ΚΑΘΑΡΙΣΜΟΥ ΗΛΙΟΣ Ο.Ε.
Θέλετε να καθαρίσετε σκάλες, γραφεία τζάμια, τέντες μοκέτες κ.λ.π. ΓΡΗΓΟΡΗ ΦΙΛΙΚΗ ΚΑΙ ΥΠΕΥΘΥΝΗ ΕΞΥΠΗΡΕΤΗΣΗ ΘΥΜΗΘΗΤΕ!!! Ολυμπιώνικου 7 Τηλ: 258 783
(Δ-578) 1-6
ΟΡΓΑΝΩΜΕΝΟ ΣΥΝΕΡΓΕΙΟ ΚΤΙΣΤΩΝ αναλαμβάνει κτισίματα ταυτόχρονα και λοιπές εργασίες. Αναλαμβάνει εργασίες καλουπών και σιδηροτεχνίες. Πληρ. τηλ. 237.084 κ. Αλέξη. Ώρες 3-6 και 9-12 μ.μ.
(Δ574) 1-5
ΜΑΘΗΜΑΤΑ
Καθηγήτρια της Γαλλικής Γλώσσας παραδίδει μαθήματα κατ' οίκον. Τηλ. 276.224
(Μ880) 1-10
ΜΑΘΗΜΑΤΙΚΟΣ και Φυσικός που εργάζονται σε φροντιστήρια αναλαμβάνουν υπεύθυνη υποστήριξη σε μαθητές Γυμνασίου, Λυκείου και φοιτητές του Πανεπιστημίου. Τηλ. 229122-284795-259206
(Μ879) 1-5
ΑΓΓΛΙΚΑ και το καλοκαίρι Κ. ΑΡΒΑΝΙΤΑΚΗΣ
Τηλ. 280.575
(Μ890) 1-10
ΠΤΥΧΙΟΥΧΟΣ Γαλλικής Φιλολογίας του Πανεπιστημίου της Σορβόννης παραδίδει μαθήματα Γαλλικών και οικονομικών μαθημάτων. Τηλ. 284.311 από 8.00-13.00
(Μ880) 1-10
ΕΜΠΕΙΡΟΣ ΦΥΣΙΚΟΣ παραδίδει μαθήματα σε μαθητές Γυμνασίου και Λυκείου. Τηλ. 286.903 και 289.390 πρωί
(Μ886) 1-5
ΠΤΥΧΙΟΥΧΟΣ με φροντιστηριακή πείρα παραδίδει μαθήματα Φυσικής στις Α, Β Δέσμη και Α, Β Λυκείου. Τηλ. 259.987
(Μ882) 1-10
Καθηγητής Μαθηματικών - Διδάκτορας φιλοσοφίας Πανεπιστημίου Ιωαννίνων. Τηλ. 282.749 - 283.651
(Μ883) 1-10
Διδάσκω Αγγλικά σε όλες τις βαθμίδες. Διδάκτωρ Πανεπιστημίου. Τηλ. 282.784 - 281.555
(Μ891) 1-3
ΕΝΟΙΚΙΑΖΟΝΤΑΙ
Δύο 2άρια και δύο 3άρια, υπερλουξ και μια μαζονέτα 160 τ.μ. με πισίνα. Τηλ.: 258088.
FITNESS CENTER
CRETA MARIS
Φυσικό επιστημονικό
ΑΔΥΝΑΤΙΣΜΑ
Τηλ. 081/282832 - 0897/22115
